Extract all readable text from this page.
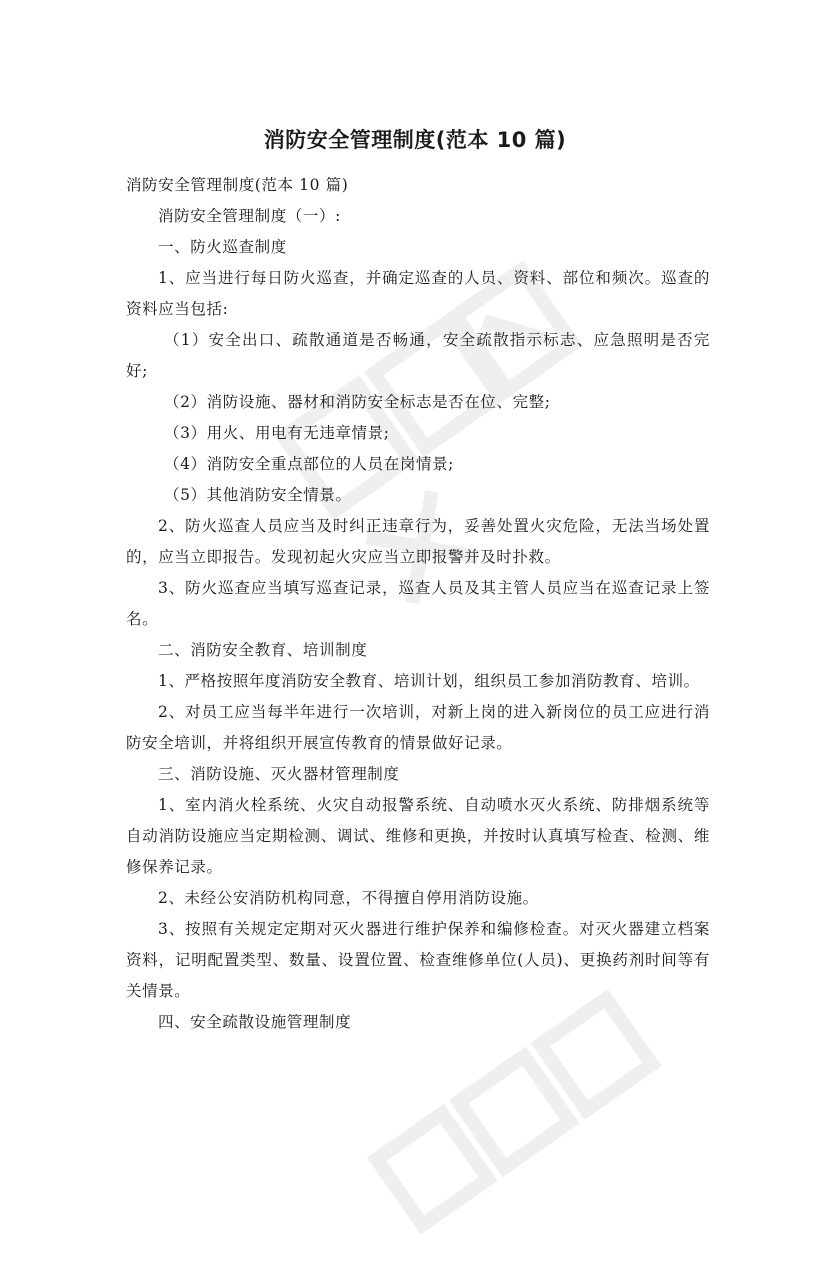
消防安全管理制度(范本 10 篇)

消防安全管理制度(范本 10 篇)

消防安全管理制度（一）:

一、防火巡查制度

1、应当进行每日防火巡查，并确定巡查的人员、资料、部位和频次。巡查的资料应当包括:

（1）安全出口、疏散通道是否畅通，安全疏散指示标志、应急照明是否完好;

（2）消防设施、器材和消防安全标志是否在位、完整;

（3）用火、用电有无违章情景;

（4）消防安全重点部位的人员在岗情景;

（5）其他消防安全情景。

2、防火巡查人员应当及时纠正违章行为，妥善处置火灾危险，无法当场处置的，应当立即报告。发现初起火灾应当立即报警并及时扑救。

3、防火巡查应当填写巡查记录，巡查人员及其主管人员应当在巡查记录上签名。

二、消防安全教育、培训制度

1、严格按照年度消防安全教育、培训计划，组织员工参加消防教育、培训。

2、对员工应当每半年进行一次培训，对新上岗的进入新岗位的员工应进行消防安全培训，并将组织开展宣传教育的情景做好记录。

三、消防设施、灭火器材管理制度

1、室内消火栓系统、火灾自动报警系统、自动喷水灭火系统、防排烟系统等自动消防设施应当定期检测、调试、维修和更换，并按时认真填写检查、检测、维修保养记录。

2、未经公安消防机构同意，不得擅自停用消防设施。

3、按照有关规定定期对灭火器进行维护保养和编修检查。对灭火器建立档案资料，记明配置类型、数量、设置位置、检查维修单位(人员)、更换药剂时间等有关情景。

四、安全疏散设施管理制度
